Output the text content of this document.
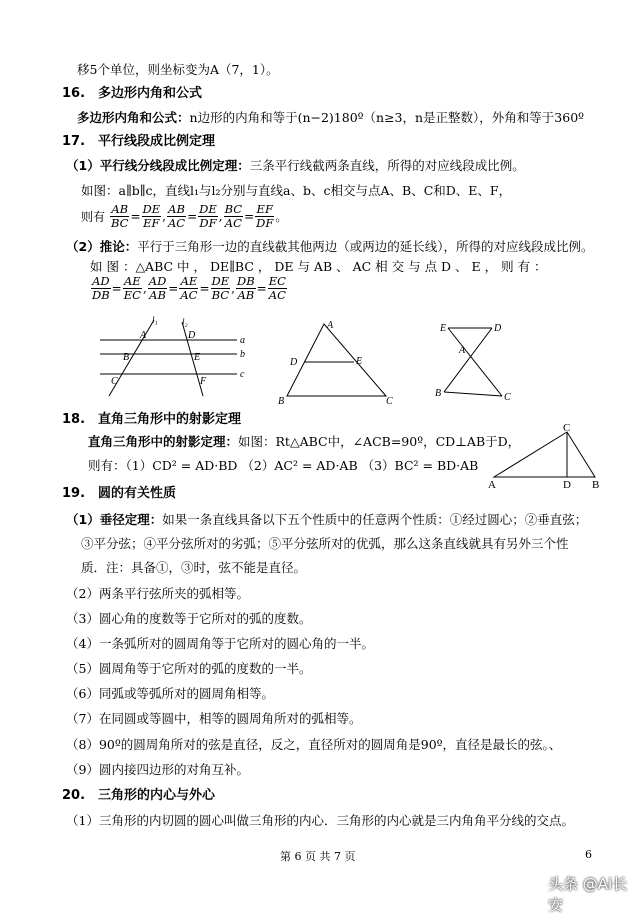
移5个单位，则坐标变为A（7，1）。
16.　多边形内角和公式
多边形内角和公式：n边形的内角和等于(n−2)180º（n≥3，n是正整数），外角和等于360º
17.　平行线段成比例定理
（1）平行线分线段成比例定理：三条平行线截两条直线，所得的对应线段成比例。
如图：a∥b∥c，直线l₁与l₂分别与直线a、b、c相交与点A、B、C和D、E、F，
则有 $\frac{AB}{BC} = \frac{DE}{EF}$ , $\frac{AB}{AC} = \frac{DE}{DF}$ , $\frac{BC}{AC} = \frac{EF}{DF}$ 。
（2）推论：平行于三角形一边的直线截其他两边（或两边的延长线），所得的对应线段成比例。
如 图 ：△ABC 中 ， DE∥BC ， DE 与 AB 、 AC 相 交 与 点 D 、 E ， 则 有 ：
$\frac{AD}{DB} = \frac{AE}{EC}$ , $\frac{AD}{AB} = \frac{AE}{AC} = \frac{DE}{BC}$ , $\frac{DB}{AB} = \frac{EC}{AC}$
l₁	l₂
a
b
c
A
B
C
D
E
F
A
D	E
B	C
E	D
A
B	C
18.　直角三角形中的射影定理
直角三角形中的射影定理：如图：Rt△ABC中，∠ACB=90º，CD⊥AB于D，
则有：（1）CD² = AD·BD （2）AC² = AD·AB （3）BC² = BD·AB
C
A	D B
19.　圆的有关性质
（1）垂径定理：如果一条直线具备以下五个性质中的任意两个性质：①经过圆心；②垂直弦；
③平分弦；④平分弦所对的劣弧；⑤平分弦所对的优弧，那么这条直线就具有另外三个性
质．注：具备①，③时，弦不能是直径。
（2）两条平行弦所夹的弧相等。
（3）圆心角的度数等于它所对的弧的度数。
（4）一条弧所对的圆周角等于它所对的圆心角的一半。
（5）圆周角等于它所对的弧的度数的一半。
（6）同弧或等弧所对的圆周角相等。
（7）在同圆或等圆中，相等的圆周角所对的弧相等。
（8）90º的圆周角所对的弦是直径，反之，直径所对的圆周角是90º，直径是最长的弦。、
（9）圆内接四边形的对角互补。
20.　三角形的内心与外心
（1）三角形的内切圆的圆心叫做三角形的内心．三角形的内心就是三内角角平分线的交点。
第 6 页 共 7 页	6
头条 @Ai长安
